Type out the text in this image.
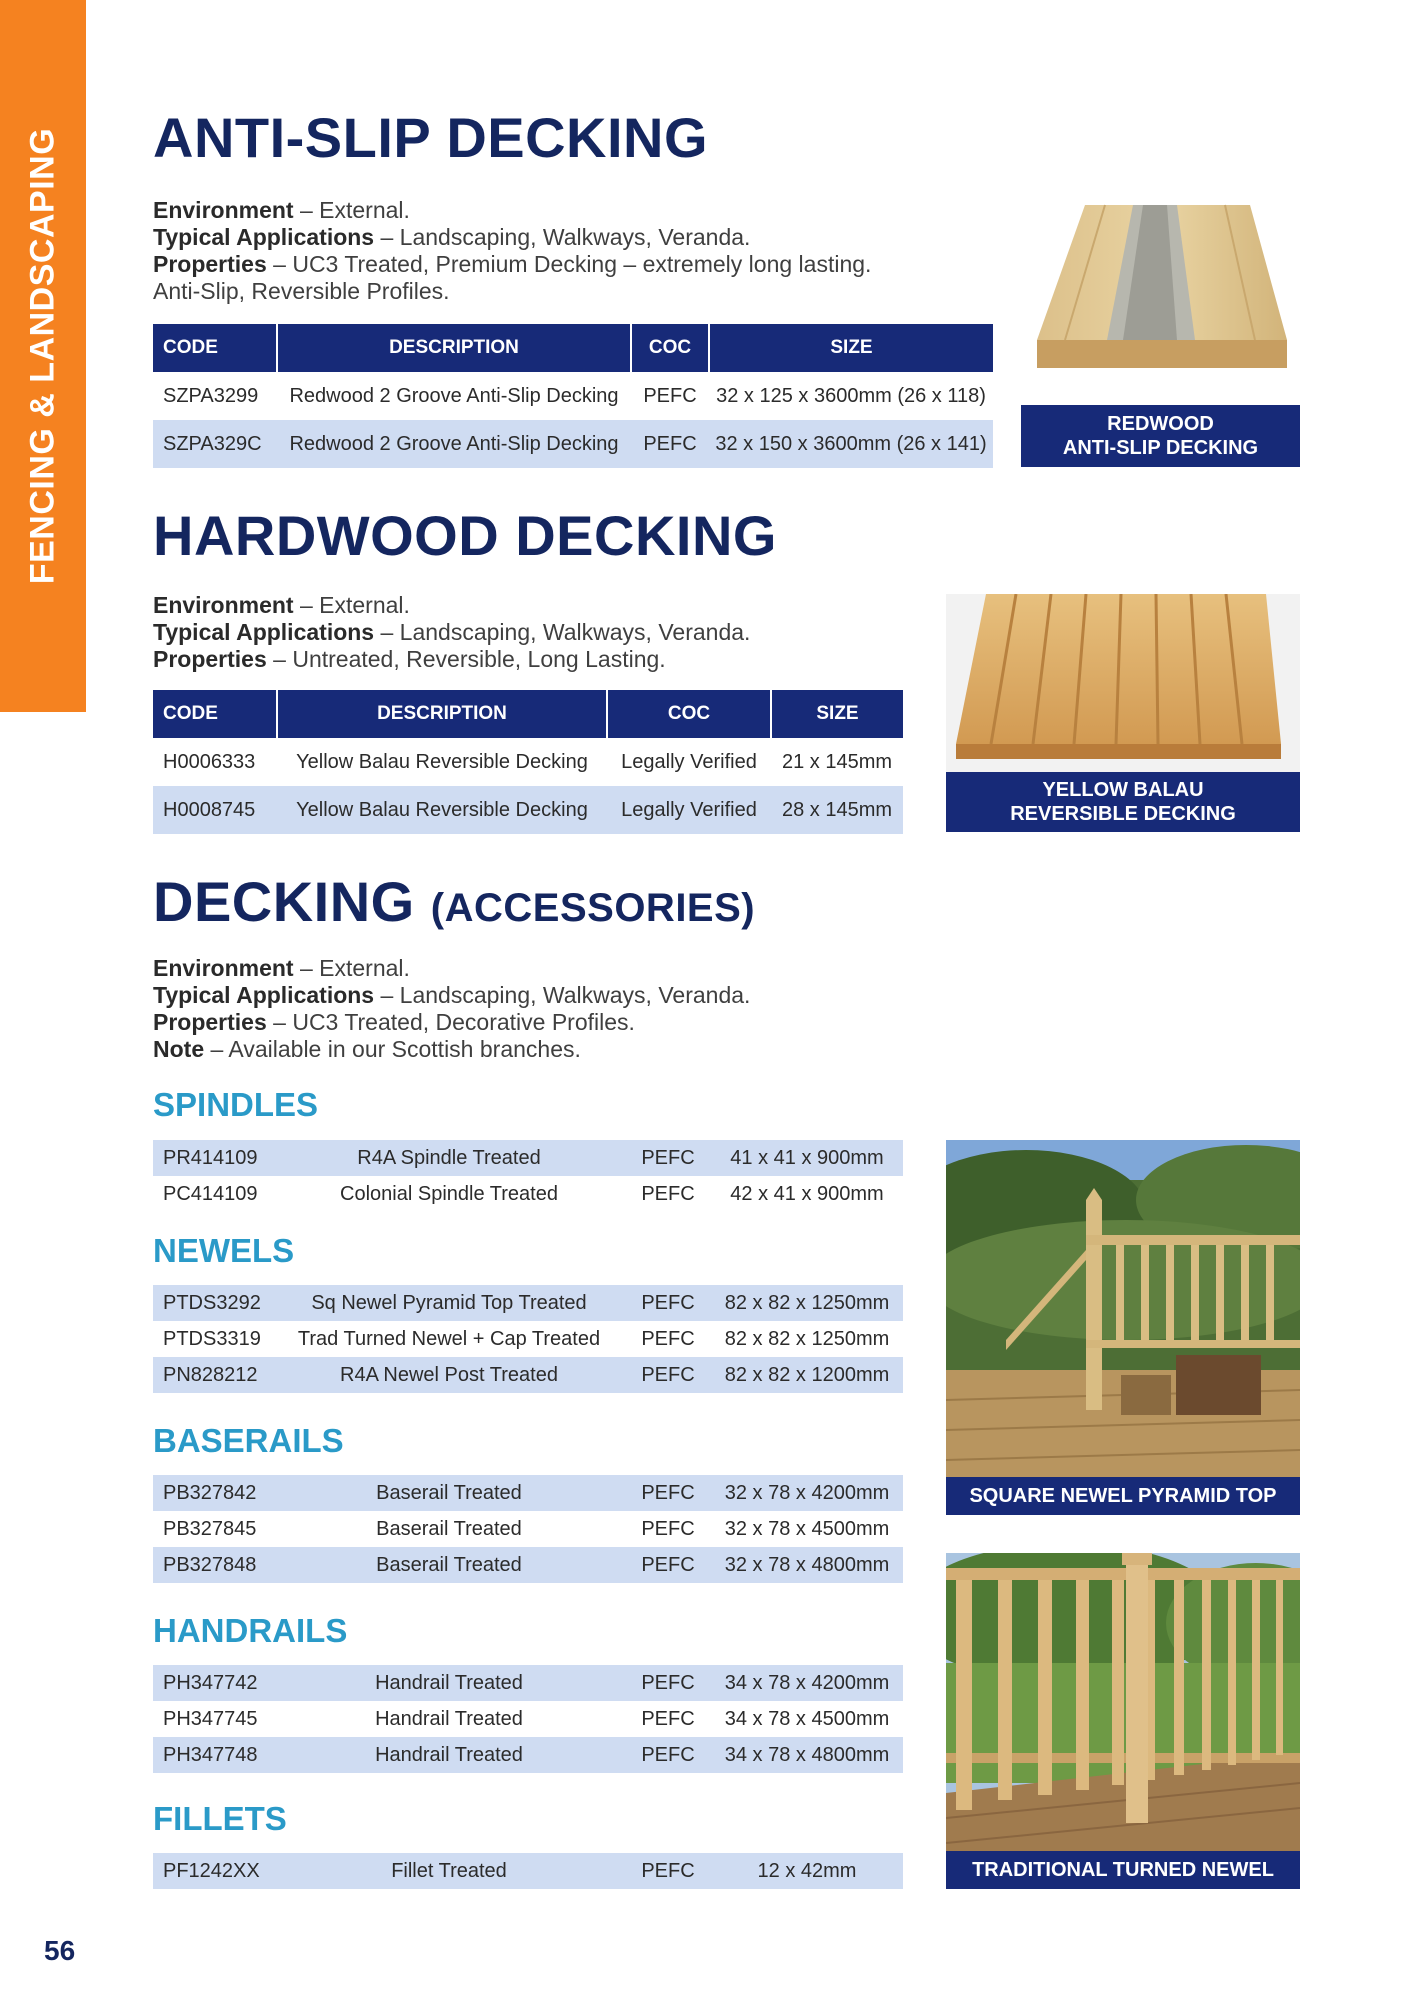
FENCING & LANDSCAPING ANTI-SLIP DECKING
Environment – External.
Typical Applications – Landscaping, Walkways, Veranda.
Properties – UC3 Treated, Premium Decking – extremely long lasting.
Anti-Slip, Reversible Profiles.
CODE	DESCRIPTION	COC	SIZE
SZPA3299	Redwood 2 Groove Anti-Slip Decking	PEFC	32 x 125 x 3600mm (26 x 118)
SZPA329C	Redwood 2 Groove Anti-Slip Decking	PEFC	32 x 150 x 3600mm (26 x 141)
REDWOOD
ANTI-SLIP DECKING
HARDWOOD DECKING
Environment – External.
Typical Applications – Landscaping, Walkways, Veranda.
Properties – Untreated, Reversible, Long Lasting.
CODE	DESCRIPTION	COC	SIZE
H0006333	Yellow Balau Reversible Decking	Legally Verified	21 x 145mm
H0008745	Yellow Balau Reversible Decking	Legally Verified	28 x 145mm
YELLOW BALAU
REVERSIBLE DECKING
DECKING (ACCESSORIES)
Environment – External.
Typical Applications – Landscaping, Walkways, Veranda.
Properties – UC3 Treated, Decorative Profiles.
Note – Available in our Scottish branches.
SPINDLES
PR414109	R4A Spindle Treated	PEFC	41 x 41 x 900mm
PC414109	Colonial Spindle Treated	PEFC	42 x 41 x 900mm
NEWELS
PTDS3292	Sq Newel Pyramid Top Treated	PEFC	82 x 82 x 1250mm
PTDS3319	Trad Turned Newel + Cap Treated	PEFC	82 x 82 x 1250mm
PN828212	R4A Newel Post Treated	PEFC	82 x 82 x 1200mm
BASERAILS
PB327842	Baserail Treated	PEFC	32 x 78 x 4200mm
PB327845	Baserail Treated	PEFC	32 x 78 x 4500mm
PB327848	Baserail Treated	PEFC	32 x 78 x 4800mm
HANDRAILS
PH347742	Handrail Treated	PEFC	34 x 78 x 4200mm
PH347745	Handrail Treated	PEFC	34 x 78 x 4500mm
PH347748	Handrail Treated	PEFC	34 x 78 x 4800mm
FILLETS
PF1242XX	Fillet Treated	PEFC	12 x 42mm
SQUARE NEWEL PYRAMID TOP
TRADITIONAL TURNED NEWEL
56
